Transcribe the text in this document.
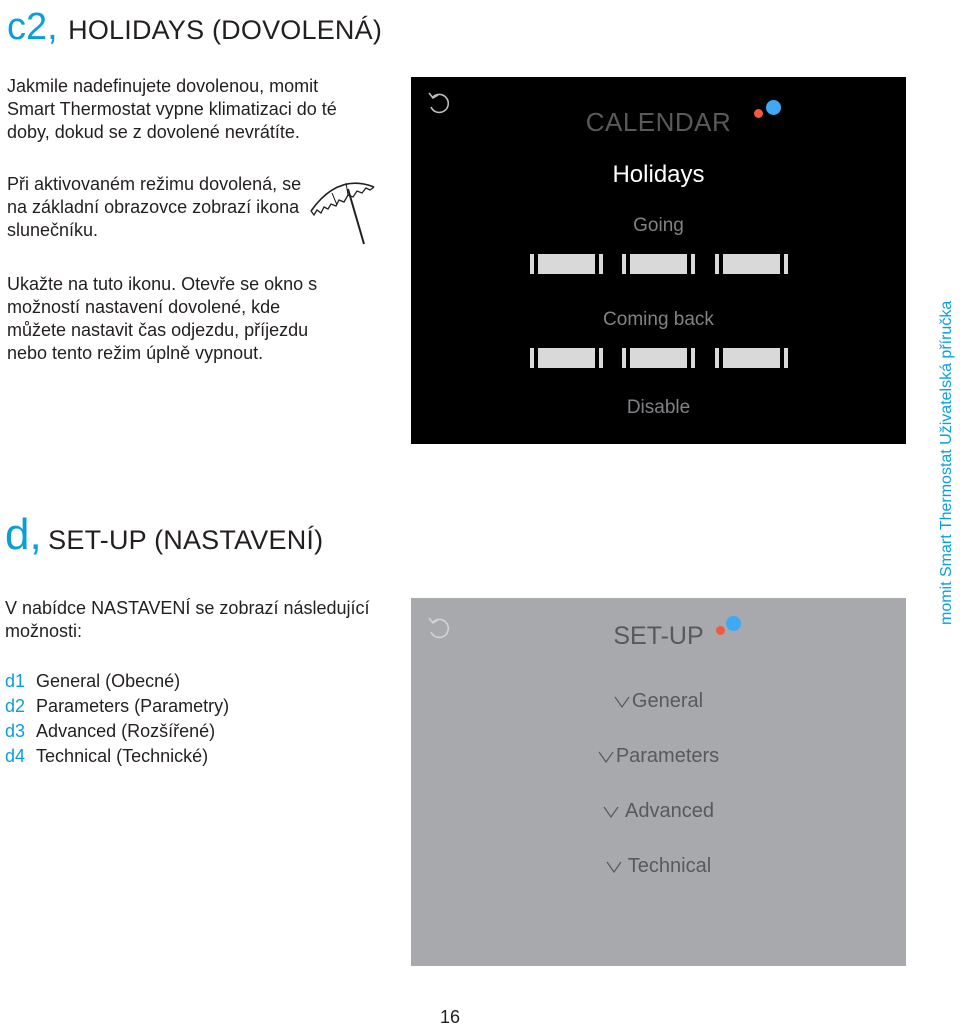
c2, HOLIDAYS (DOVOLENÁ)

Jakmile nadefinujete dovolenou, momit Smart Thermostat vypne klimatizaci do té doby, dokud se z dovolené nevrátíte.

Při aktivovaném režimu dovolená, se na základní obrazovce zobrazí ikona slunečníku.

Ukažte na tuto ikonu. Otevře se okno s možností nastavení dovolené, kde můžete nastavit čas odjezdu, příjezdu nebo tento režim úplně vypnout.

CALENDAR
Holidays
Going
Coming back
Disable
d, SET-UP (NASTAVENÍ)

V nabídce NASTAVENÍ se zobrazí následující možnosti:

d1 General (Obecné)
d2 Parameters (Parametry)
d3 Advanced (Rozšířené)
d4 Technical (Technické)
SET-UP
General
Parameters
Advanced
Technical
momit Smart Thermostat Uživatelská příručka
16
